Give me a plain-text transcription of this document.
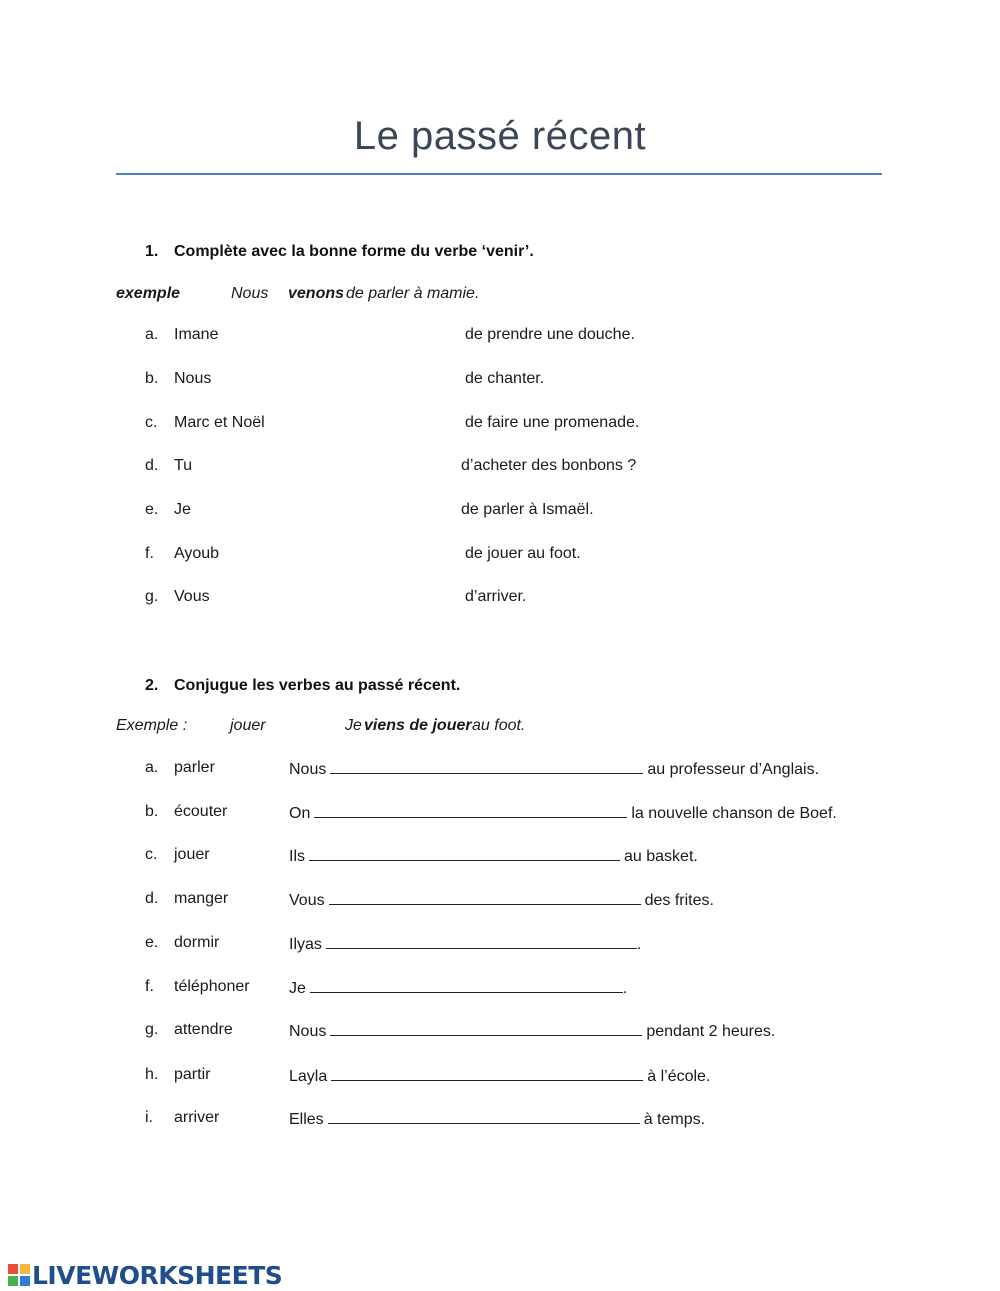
Le passé récent
1. Complète avec la bonne forme du verbe ‘venir’.
exemple	Nous venons de parler à mamie.
a. Imane	de prendre une douche.
b. Nous	de chanter.
c. Marc et Noël	de faire une promenade.
d. Tu	d’acheter des bonbons ?
e. Je	de parler à Ismaël.
f. Ayoub	de jouer au foot.
g. Vous	d’arriver.
2. Conjugue les verbes au passé récent.
Exemple :	jouer	Je viens de jouer au foot.
a. parler	Nous	au professeur d’Anglais.
b. écouter	On	la nouvelle chanson de Boef.
c. jouer	Ils	au basket.
d. manger	Vous	des frites.
e. dormir	Ilyas	.
f. téléphoner Je	.
g. attendre	Nous	pendant 2 heures.
h. partir	Layla	à l’école.
i. arriver	Elles	à temps.
LIVEWORKSHEETS
